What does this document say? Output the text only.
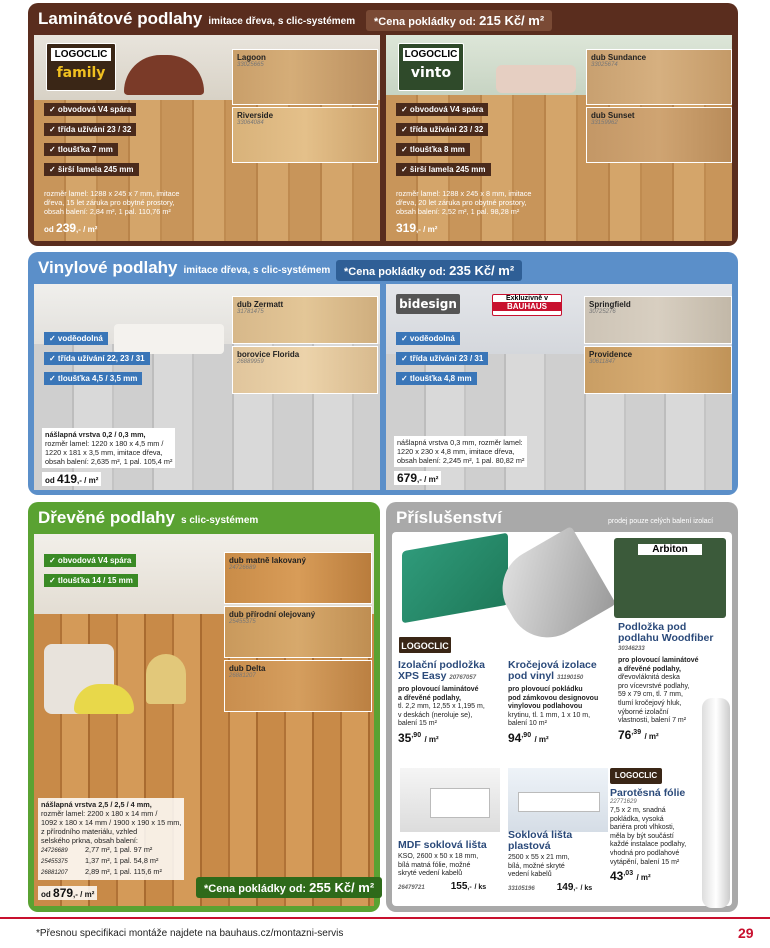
Laminátové podlahy imitace dřeva, s clic-systémem	*Cena pokládky od: 215 Kč/ m²
LOGOCLIC
family
Lagoon
33025665
Riverside
33064084
✓ obvodová V4 spára
✓ třída užívání 23 / 32
✓ tloušťka 7 mm
✓ širší lamela 245 mm
rozměr lamel: 1288 x 245 x 7 mm, imitace
dřeva, 15 let záruka pro obytné prostory,
obsah balení: 2,84 m², 1 pal. 110,76 m²
od 239,- / m²
LOGOCLIC
vinto
dub Sundance
33025674
dub Sunset
33159962
✓ obvodová V4 spára
✓ třída užívání 23 / 32
✓ tloušťka 8 mm
✓ širší lamela 245 mm
rozměr lamel: 1288 x 245 x 8 mm, imitace
dřeva, 20 let záruka pro obytné prostory,
obsah balení: 2,52 m², 1 pal. 98,28 m²
319,- / m²
Vinylové podlahy imitace dřeva, s clic-systémem	*Cena pokládky od: 235 Kč/ m²
dub Zermatt
31781475
borovice Florida
26889959
✓ voděodolná
✓ třída užívání 22, 23 / 31
✓ tloušťka 4,5 / 3,5 mm
nášlapná vrstva 0,2 / 0,3 mm,
rozměr lamel: 1220 x 180 x 4,5 mm /
1220 x 181 x 3,5 mm, imitace dřeva,
obsah balení: 2,635 m², 1 pal. 105,4 m²
od 419,- / m²
bidesign	Exkluzivně v
BAUHAUS	Springfield
30725276
Providence
30611847
✓ voděodolná
✓ třída užívání 23 / 31
✓ tloušťka 4,8 mm
nášlapná vrstva 0,3 mm, rozměr lamel:
1220 x 230 x 4,8 mm, imitace dřeva,
obsah balení: 2,245 m², 1 pal. 80,82 m²
679,- / m²
Dřevěné podlahy s clic-systémem
✓ obvodová V4 spára
✓ tloušťka 14 / 15 mm
dub matně lakovaný
24726689
dub přírodní olejovaný
25455375
dub Delta
26881207
nášlapná vrstva 2,5 / 2,5 / 4 mm,
rozměr lamel: 2200 x 180 x 14 mm /
1092 x 180 x 14 mm / 1900 x 190 x 15 mm,
z přírodního materiálu, vzhled
selského prkna, obsah balení:
24726689 2,77 m², 1 pal. 97 m²
25455375 1,37 m², 1 pal. 54,8 m²
26881207 2,89 m², 1 pal. 115,6 m²
od 879,- / m²	*Cena pokládky od: 255 Kč/ m²
Příslušenství	prodej pouze celých balení izolací
Arbiton
LOGOCLIC
Izolační podložka
XPS Easy 20767057
pro plovoucí laminátové
a dřevěné podlahy,
tl. 2,2 mm, 12,55 x 1,195 m,
v deskách (neroluje se),
balení 15 m²
$35^{,90} / m^2$
Kročejová izolace
pod vinyl 31190150
pro plovoucí pokládku
pod zámkovou designovou
vinylovou podlahovou
krytinu, tl. 1 mm, 1 x 10 m,
balení 10 m²
$94^{,90} / m^2$
Podložka pod
podlahu Woodfiber
30346233
pro plovoucí laminátové
a dřevěné podlahy,
dřevovláknitá deska
pro vícevrstvé podlahy,
59 x 79 cm, tl. 7 mm,
tlumí kročejový hluk,
výborné izolační
vlastnosti, balení 7 m²
$76^{,39} / m^2$
MDF soklová lišta
KSO, 2600 x 50 x 18 mm,
bílá matná fólie, možné
skryté vedení kabelů
26479721	155,- / ks
Soklová lišta
plastová
2500 x 55 x 21 mm,
bílá, možné skryté
vedení kabelů
33105196 149,- / ks
LOGOCLIC
Parotěsná fólie
22771629
7,5 x 2 m, snadná
pokládka, vysoká
bariéra proti vlhkosti,
měla by být součástí
každé instalace podlahy,
vhodná pro podlahové
vytápění, balení 15 m²
$43^{,03} / m^2$
*Přesnou specifikaci montáže najdete na bauhaus.cz/montazni-servis	29
